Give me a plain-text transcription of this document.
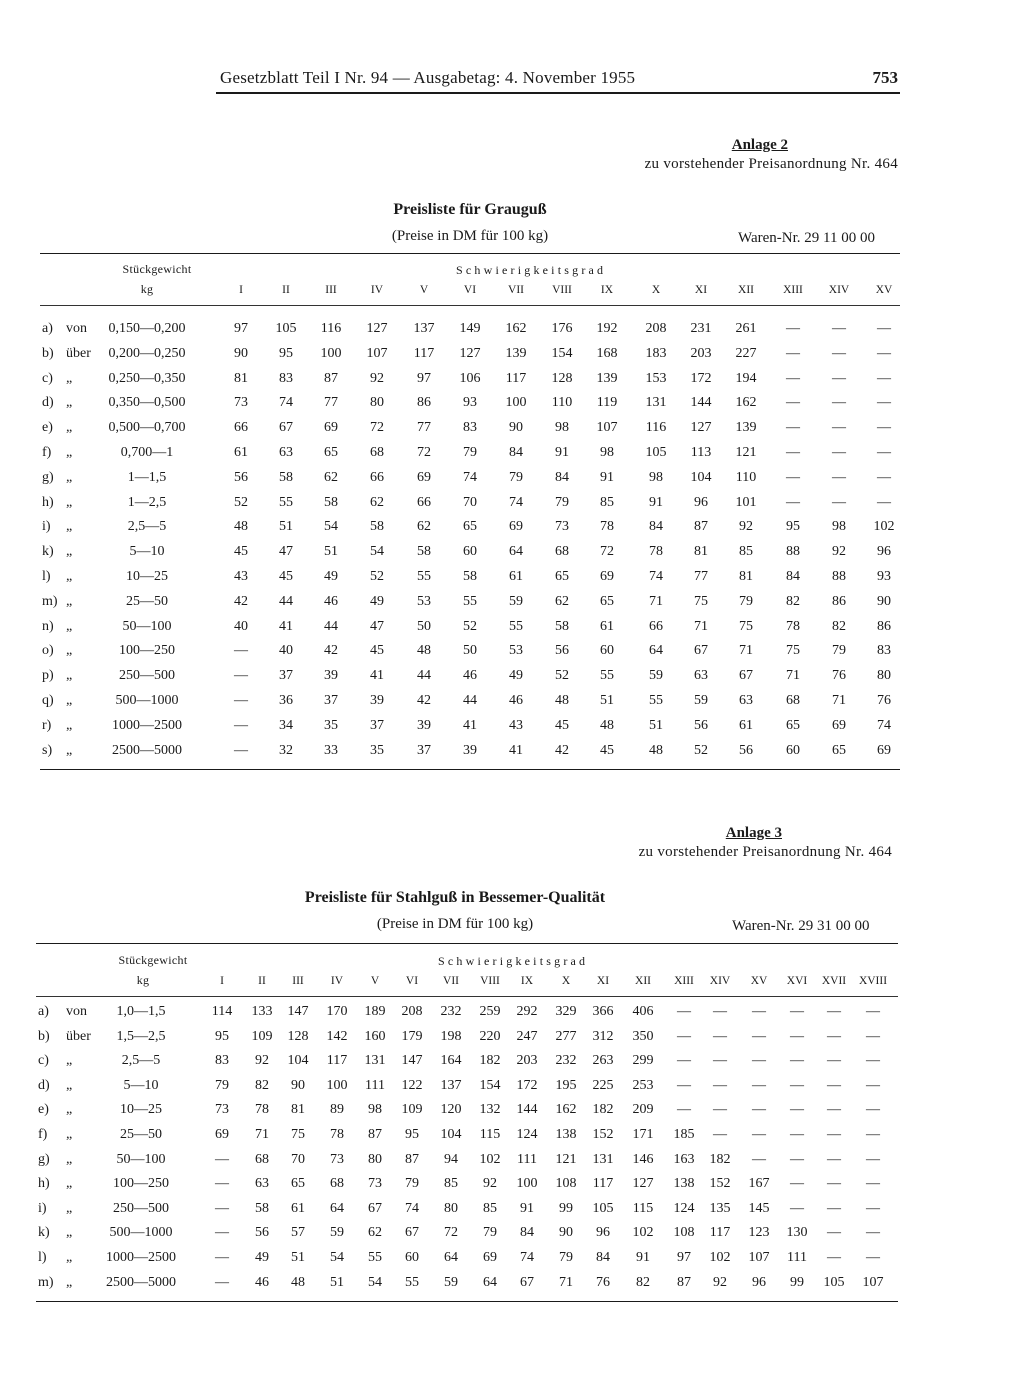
Gesetzblatt Teil I Nr. 94 — Ausgabetag: 4. November 1955	753
Anlage 2
zu vorstehender Preisanordnung Nr. 464
Preisliste für Grauguß
(Preise in DM für 100 kg)	Waren-Nr. 29 11 00 00
Stückgewicht
kg
Schwierigkeitsgrad
I	II	III	IV	V	VI	VII	VIII	IX	X	XI	XII	XIII	XIV	XV
a) von	0,150—0,200	97	105	116	127	137	149	162	176	192	208	231	261	—	—	—
b) über	0,200—0,250	90	95	100	107	117	127	139	154	168	183	203	227	—	—	—
c) „	0,250—0,350	81	83	87	92	97	106	117	128	139	153	172	194	—	—	—
d) „	0,350—0,500	73	74	77	80	86	93	100	110	119	131	144	162	—	—	—
e) „	0,500—0,700	66	67	69	72	77	83	90	98	107	116	127	139	—	—	—
f) „	0,700—1	61	63	65	68	72	79	84	91	98	105	113	121	—	—	—
g) „	1—1,5	56	58	62	66	69	74	79	84	91	98	104	110	—	—	—
h) „	1—2,5	52	55	58	62	66	70	74	79	85	91	96	101	—	—	—
i) „	2,5—5	48	51	54	58	62	65	69	73	78	84	87	92	95	98	102
k) „	5—10	45	47	51	54	58	60	64	68	72	78	81	85	88	92	96
l) „	10—25	43	45	49	52	55	58	61	65	69	74	77	81	84	88	93
m) „	25—50	42	44	46	49	53	55	59	62	65	71	75	79	82	86	90
n) „	50—100	40	41	44	47	50	52	55	58	61	66	71	75	78	82	86
o) „	100—250	—	40	42	45	48	50	53	56	60	64	67	71	75	79	83
p) „	250—500	—	37	39	41	44	46	49	52	55	59	63	67	71	76	80
q) „	500—1000	—	36	37	39	42	44	46	48	51	55	59	63	68	71	76
r) „	1000—2500	—	34	35	37	39	41	43	45	48	51	56	61	65	69	74
s) „	2500—5000	—	32	33	35	37	39	41	42	45	48	52	56	60	65	69
Anlage 3
zu vorstehender Preisanordnung Nr. 464
Preisliste für Stahlguß in Bessemer-Qualität
(Preise in DM für 100 kg)	Waren-Nr. 29 31 00 00
Stückgewicht
kg
Schwierigkeitsgrad
I	II	III	IV	V	VI	VII	VIII	IX	X	XI	XII	XIII	XIV	XV	XVI	XVII	XVIII
a) von	1,0—1,5	114	133	147	170	189	208	232	259	292	329	366	406	—	—	—	—	—	—
b) über	1,5—2,5	95	109	128	142	160	179	198	220	247	277	312	350	—	—	—	—	—	—
c) „	2,5—5	83	92	104	117	131	147	164	182	203	232	263	299	—	—	—	—	—	—
d) „	5—10	79	82	90	100	111	122	137	154	172	195	225	253	—	—	—	—	—	—
e) „	10—25	73	78	81	89	98	109	120	132	144	162	182	209	—	—	—	—	—	—
f) „	25—50	69	71	75	78	87	95	104	115	124	138	152	171	185	—	—	—	—	—
g) „	50—100	—	68	70	73	80	87	94	102	111	121	131	146	163	182	—	—	—	—
h) „	100—250	—	63	65	68	73	79	85	92	100	108	117	127	138	152	167	—	—	—
i) „	250—500	—	58	61	64	67	74	80	85	91	99	105	115	124	135	145	—	—	—
k) „	500—1000	—	56	57	59	62	67	72	79	84	90	96	102	108	117	123	130	—	—
l) „	1000—2500	—	49	51	54	55	60	64	69	74	79	84	91	97	102	107	111	—	—
m) „	2500—5000	—	46	48	51	54	55	59	64	67	71	76	82	87	92	96	99	105	107
